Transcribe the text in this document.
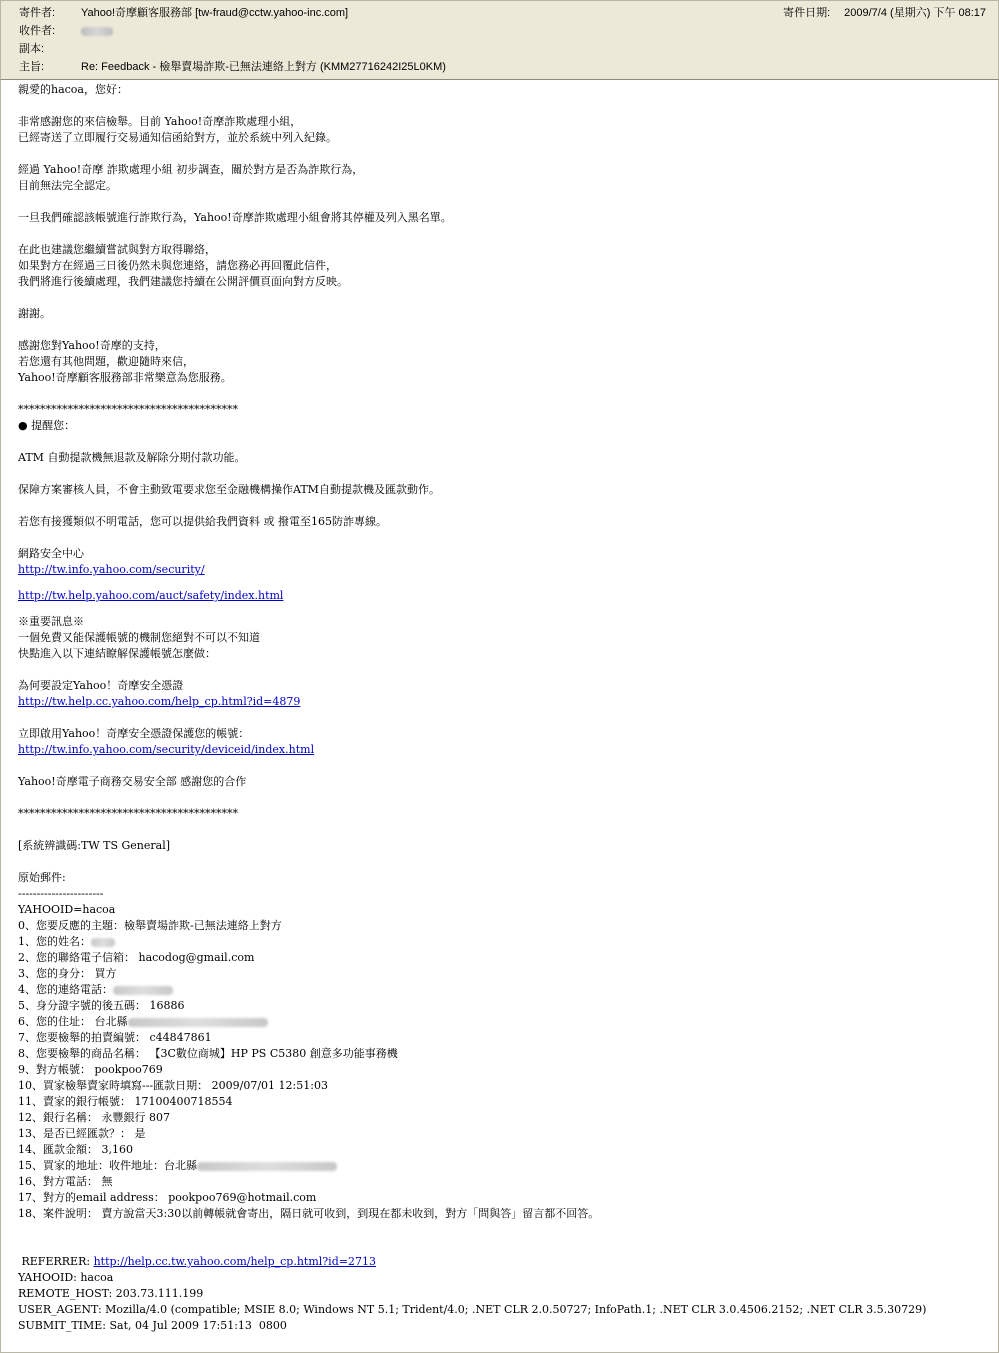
寄件者: Yahoo!奇摩顧客服務部 [tw-fraud@cctw.yahoo-inc.com]
收件者:
副本:
主旨:	Re: Feedback - 檢舉賣場詐欺-已無法連絡上對方 (KMM27716242I25L0KM)
寄件日期: 2009/7/4 (星期六) 下午 08:17
親愛的hacoa，您好：
非常感謝您的來信檢舉。目前 Yahoo!奇摩詐欺處理小組，
已經寄送了立即履行交易通知信函給對方，並於系統中列入紀錄。
經過 Yahoo!奇摩 詐欺處理小組 初步調查，關於對方是否為詐欺行為，
目前無法完全認定。
一旦我們確認該帳號進行詐欺行為，Yahoo!奇摩詐欺處理小組會將其停權及列入黑名單。
在此也建議您繼續嘗試與對方取得聯絡，
如果對方在經過三日後仍然未與您連絡，請您務必再回覆此信件，
我們將進行後續處理，我們建議您持續在公開評價頁面向對方反映。
謝謝。
感謝您對Yahoo!奇摩的支持，
若您還有其他問題，歡迎隨時來信，
Yahoo!奇摩顧客服務部非常樂意為您服務。
****************************************
● 提醒您：
ATM 自動提款機無退款及解除分期付款功能。
保障方案審核人員，不會主動致電要求您至金融機構操作ATM自動提款機及匯款動作。
若您有接獲類似不明電話，您可以提供給我們資料 或 撥電至165防詐專線。
網路安全中心
http://tw.info.yahoo.com/security/
http://tw.help.yahoo.com/auct/safety/index.html
※重要訊息※
一個免費又能保護帳號的機制您絕對不可以不知道
快點進入以下連結瞭解保護帳號怎麼做：
為何要設定Yahoo！奇摩安全憑證
http://tw.help.cc.yahoo.com/help_cp.html?id=4879
立即啟用Yahoo！奇摩安全憑證保護您的帳號：
http://tw.info.yahoo.com/security/deviceid/index.html
Yahoo!奇摩電子商務交易安全部 感謝您的合作
****************************************
[系統辨識碼:TW TS General]
原始郵件:
-----------------------
YAHOOID=hacoa
0、您要反應的主題：檢舉賣場詐欺-已無法連絡上對方
1、您的姓名：
2、您的聯絡電子信箱： hacodog@gmail.com
3、您的身分： 買方
4、您的連絡電話：
5、身分證字號的後五碼： 16886
6、您的住址： 台北縣
7、您要檢舉的拍賣編號： c44847861
8、您要檢舉的商品名稱： 【3C數位商城】HP PS C5380 創意多功能事務機
9、對方帳號： pookpoo769
10、買家檢舉賣家時填寫---匯款日期： 2009/07/01 12:51:03
11、賣家的銀行帳號： 17100400718554
12、銀行名稱： 永豐銀行 807
13、是否已經匯款？： 是
14、匯款金額： 3,160
15、買家的地址：收件地址：台北縣
16、對方電話： 無
17、對方的email address： pookpoo769@hotmail.com
18、案件說明： 賣方說當天3:30以前轉帳就會寄出，隔日就可收到，到現在都未收到，對方「問與答」留言都不回答。
REFERRER: http://help.cc.tw.yahoo.com/help_cp.html?id=2713
YAHOOID: hacoa
REMOTE_HOST: 203.73.111.199
USER_AGENT: Mozilla/4.0 (compatible; MSIE 8.0; Windows NT 5.1; Trident/4.0; .NET CLR 2.0.50727; InfoPath.1; .NET CLR 3.0.4506.2152; .NET CLR 3.5.30729)
SUBMIT_TIME: Sat, 04 Jul 2009 17:51:13  0800
